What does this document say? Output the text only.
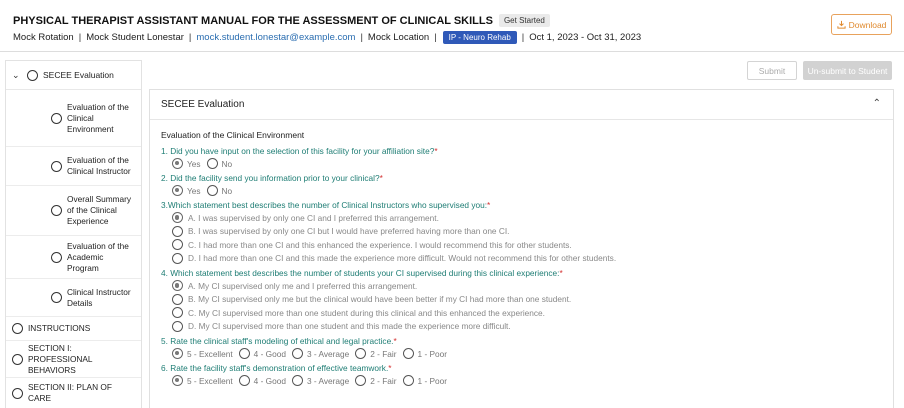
PHYSICAL THERAPIST ASSISTANT MANUAL FOR THE ASSESSMENT OF CLINICAL SKILLS	Get Started
Mock Rotation | Mock Student Lonestar | mock.student.lonestar@example.com | Mock Location |	IP - Neuro Rehab	| Oct 1, 2023 - Oct 31, 2023
Download
Submit	Un-submit to Student
⌄	SECEE Evaluation
Evaluation of the Clinical Environment
Evaluation of the Clinical Instructor
Overall Summary of the Clinical Experience
Evaluation of the Academic Program
Clinical Instructor Details
INSTRUCTIONS
SECTION I: PROFESSIONAL BEHAVIORS
SECTION II: PLAN OF CARE
SECEE Evaluation	⌃
Evaluation of the Clinical Environment
1. Did you have input on the selection of this facility for your affiliation site?*
Yes	No
2. Did the facility send you information prior to your clinical?*
Yes	No
3.Which statement best describes the number of Clinical Instructors who supervised you:*
A. I was supervised by only one CI and I preferred this arrangement.
B. I was supervised by only one CI but I would have preferred having more than one CI.
C. I had more than one CI and this enhanced the experience. I would recommend this for other students.
D. I had more than one CI and this made the experience more difficult. Would not recommend this for other students.
4. Which statement best describes the number of students your CI supervised during this clinical experience:*
A. My CI supervised only me and I preferred this arrangement.
B. My CI supervised only me but the clinical would have been better if my CI had more than one student.
C. My CI supervised more than one student during this clinical and this enhanced the experience.
D. My CI supervised more than one student and this made the experience more difficult.
5. Rate the clinical staff's modeling of ethical and legal practice.*
5 - Excellent	4 - Good	3 - Average	2 - Fair	1 - Poor
6. Rate the facility staff's demonstration of effective teamwork.*
5 - Excellent	4 - Good	3 - Average	2 - Fair	1 - Poor
